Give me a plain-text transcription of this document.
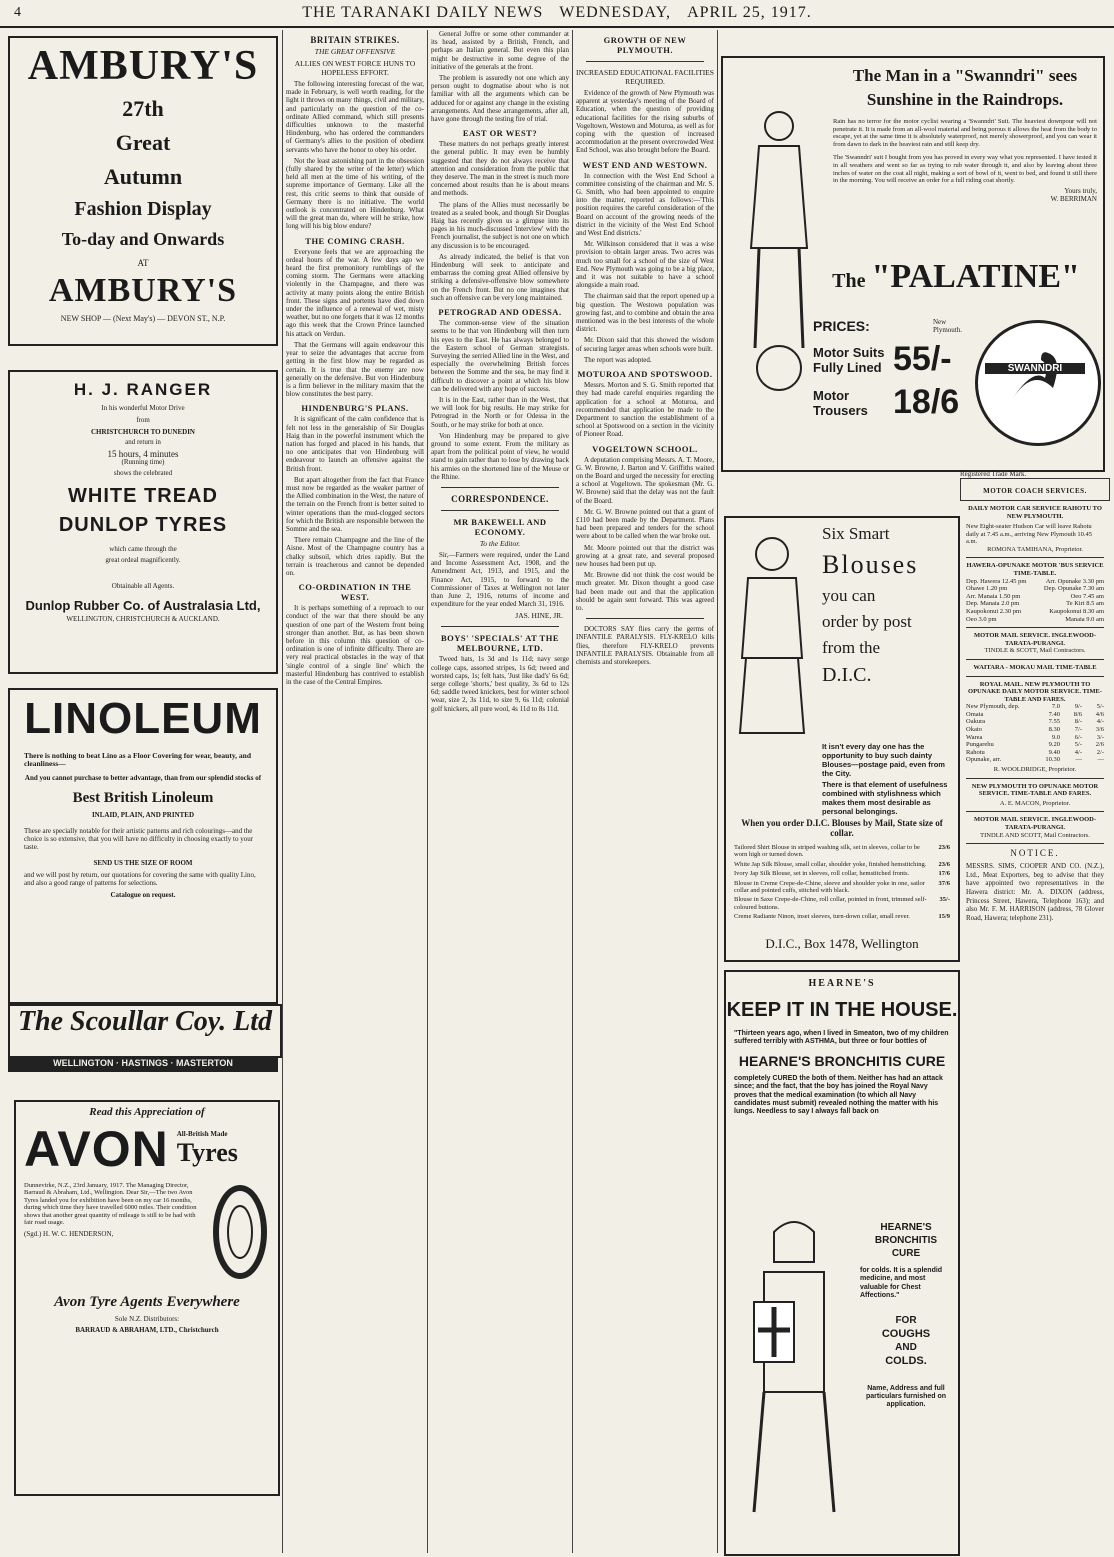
4	THE TARANAKI DAILY NEWS WEDNESDAY, APRIL 25, 1917.
AMBURY'S
27th
Great
Autumn
Fashion Display
To-day and Onwards
AT
AMBURY'S
NEW SHOP — (Next May's) — DEVON ST., N.P.
H. J. RANGER
In his wonderful Motor Drive
from
CHRISTCHURCH TO DUNEDIN
and return in
15 hours, 4 minutes
(Running time)
shows the celebrated
WHITE TREAD
DUNLOP TYRES
which came through the
great ordeal magnificently.
Obtainable all Agents.
Dunlop Rubber Co. of Australasia Ltd,
WELLINGTON, CHRISTCHURCH & AUCKLAND.
LINOLEUM
There is nothing to beat Lino as a Floor Covering for wear, beauty, and cleanliness—
And you cannot purchase to better advantage, than from our splendid stocks of
Best British Linoleum
INLAID, PLAIN, AND PRINTED
These are specially notable for their artistic patterns and rich colourings—and the choice is so extensive, that you will have no difficulty in choosing exactly to your taste.
SEND US THE SIZE OF ROOM
and we will post by return, our quotations for covering the same with quality Lino, and also a good range of patterns for selections.
Catalogue on request.
The Scoullar Coy. Ltd
WELLINGTON · HASTINGS · MASTERTON
Read this Appreciation of
AVON All-British Made
Tyres
Dunnevirke, N.Z., 23rd January, 1917. The Managing Director, Barraud & Abraham, Ltd., Wellington. Dear Sir,—The two Avon Tyres landed you for exhibition have been on my car 16 months, during which time they have travelled 6000 miles. Their condition shows that another great quantity of mileage is still to be had with fair road usage.
(Sgd.) H. W. C. HENDERSON,
Avon Tyre Agents Everywhere
Sole N.Z. Distributors:
BARRAUD & ABRAHAM, LTD., Christchurch
BRITAIN STRIKES.
THE GREAT OFFENSIVE
ALLIES ON WEST FORCE HUNS TO HOPELESS EFFORT.

The following interesting forecast of the war, made in February, is well worth reading, for the light it throws on many things, civil and military, and particularly on the question of the co-ordinate Allied command, which still presents difficulties unknown to the masterful Hindenburg, who has ordered the commanders of Germany's allies to the position of obedient servants who have the honor to obey his order.

Not the least astonishing part in the obsession (fully shared by the writer of the letter) which held all men at the time of his writing, of the supreme importance of Germany. Like all the rest, this critic seems to think that outside of Germany there is no initiative. The world outlook is concentrated on Hindenburg. What will the great man do, where will he strike, how long will his big blow endure?

THE COMING CRASH.

Everyone feels that we are approaching the ordeal hours of the war. A few days ago we heard the first premonitory rumblings of the coming storm. The Germans were attacking violently in the Champagne, and there was activity at many points along the entire British front. These signs and portents have died down under the influence of a renewal of wet, misty weather, but no one forgets that it was 12 months ago this week that the Crown Prince launched his attack on Verdun.

That the Germans will again endeavour this year to seize the advantages that accrue from getting in the first blow may be regarded as certain. It is true that the enemy are now generally on the defensive. But von Hindenburg is a firm believer in the military maxim that the blow constitutes the best parry.

HINDENBURG'S PLANS.

It is significant of the calm confidence that is felt not less in the generalship of Sir Douglas Haig than in the powerful instrument which the nation has forged and placed in his hands, that no one anticipates that von Hindenburg will endeavour to launch an offensive against the British front.

But apart altogether from the fact that France must now be regarded as the weaker partner of the Allied combination in the West, the nature of the terrain on the French front is better suited to winter operations than the mud-clogged sectors for which the British are responsible between the Somme and the sea.

There remain Champagne and the line of the Aisne. Most of the Champagne country has a chalky subsoil, which dries rapidly. But the terrain is treacherous and cannot be depended on.

CO-ORDINATION IN THE WEST.

It is perhaps something of a reproach to our conduct of the war that there should be any question of one part of the Western front being stronger than another. But, as has been shown before in this column this question of co-ordination is one of infinite difficulty. There are very real practical obstacles in the way of that 'single control of a single line' which the masterful Hindenburg has contrived to establish in the case of the Central Empires.

General Joffre or some other commander at its head, assisted by a British, French, and perhaps an Italian general. But even this plan might be destructive in some degree of the initiative of the generals at the front.

The problem is assuredly not one which any person ought to dogmatise about who is not familiar with all the arguments which can be adduced for or against any change in the existing arrangements. And these arrangements, after all, have gone through the testing fire of trial.

EAST OR WEST?

These matters do not perhaps greatly interest the general public. It may even be humbly suggested that they do not always receive that attention and consideration from the public that they deserve. The man in the street is much more concerned about results than he is about means and methods.

The plans of the Allies must necessarily be treated as a sealed book, and though Sir Douglas Haig has recently given us a glimpse into its pages in his much-discussed 'interview' with the French journalist, the subject is not one on which any discussion is to be encouraged.

As already indicated, the belief is that von Hindenburg will seek to anticipate and embarrass the coming great Allied offensive by striking a defensive-offensive blow somewhere on the French front. But no one imagines that such an offensive can be very long maintained.

PETROGRAD AND ODESSA.

The common-sense view of the situation seems to be that von Hindenburg will then turn his eyes to the East. He has always belonged to the Eastern school of German strategists. Surveying the serried Allied line in the West, and especially the overwhelming British forces between the Somme and the sea, he may find it difficult to discover a point at which his blow can be delivered with any hope of success.

It is in the East, rather than in the West, that we will look for big results. He may strike for Petrograd in the North or for Odessa in the South, or he may strike for both at once.

Von Hindenburg may be prepared to give ground to some extent. From the military as apart from the political point of view, he would stand to gain rather than to lose by drawing back his armies on the shortened line of the Meuse or the Rhine.

CORRESPONDENCE.
MR BAKEWELL AND ECONOMY.
To the Editor.

Sir,—Farmers were required, under the Land and Income Assessment Act, 1908, and the Amendment Act, 1913, and 1915, and the Finance Act, 1915, to forward to the Commissioner of Taxes at Wellington not later than June 2, 1916, returns of income and expenditure for the year ended March 31, 1916.

JAS. HINE, JR.
BOYS' 'SPECIALS' AT THE MELBOURNE, LTD.

Tweed hats, 1s 3d and 1s 11d; navy serge college caps, assorted stripes, 1s 6d; tweed and worsted caps, 1s; felt hats, 'Just like dad's' 6s 6d; serge college 'shorts,' best quality, 3s 6d to 12s 6d; saddle tweed knickers, best for winter school wear, size 2, 3s 11d, to size 9, 6s 11d; colonial golf knickers, all pure wool, 4s 11d to 8s 11d.

GROWTH OF NEW PLYMOUTH.
INCREASED EDUCATIONAL FACILITIES REQUIRED.

Evidence of the growth of New Plymouth was apparent at yesterday's meeting of the Board of Education, when the question of providing educational facilities for the rising suburbs of Vogeltown, Westown and Moturoa, as well as for coping with the question of increased accommodation at the present overcrowded West End School, was also brought before the Board.

WEST END AND WESTOWN.

In connection with the West End School a committee consisting of the chairman and Mr. S. G. Smith, who had been appointed to enquire into the matter, reported as follows:—'This position requires the careful consideration of the Board on account of the growing needs of the district in the vicinity of the West End School and West End districts.'

Mr. Wilkinson considered that it was a wise provision to obtain larger areas. Two acres was much too small for a school of the size of West End. New Plymouth was going to be a big place, and it was not suitable to have a school alongside a main road.

The chairman said that the report opened up a big question. The Westown population was growing fast, and to combine and obtain the area mentioned was in the best interests of the whole district.

Mr. Dixon said that this showed the wisdom of securing larger areas when schools were built.

The report was adopted.

MOTUROA AND SPOTSWOOD.

Messrs. Morton and S. G. Smith reported that they had made careful enquiries regarding the application for a school at Moturoa, and recommended that application be made to the Department to sanction the establishment of a school at Spotswood on a section in the vicinity of Pioneer Road.

VOGELTOWN SCHOOL.

A deputation comprising Messrs. A. T. Moore, G. W. Browne, J. Barton and V. Griffiths waited on the Board and urged the necessity for erecting a school at Vogeltown. The spokesman (Mr. G. W. Browne) said that the delay was not the fault of the Board.

Mr. G. W. Browne pointed out that a grant of £110 had been made by the Department. Plans had been prepared and tenders for the school were about to be called when the war broke out.

Mr. Moore pointed out that the district was growing at a great rate, and several proposed new houses had been put up.

Mr. Browne did not think the cost would be much greater. Mr. Dixon thought a good case had been made out and that the application should be again sent forward. This was agreed to.

DOCTORS SAY flies carry the germs of INFANTILE PARALYSIS. FLY-KRELO kills flies, therefore FLY-KRELO prevents INFANTILE PARALYSIS. Obtainable from all chemists and storekeepers.

The Man in a "Swanndri" sees
Sunshine in the Raindrops.
Rain has no terror for the motor cyclist wearing a 'Swanndri' Suit. The heaviest downpour will not penetrate it. It is made from an all-wool material and being porous it allows the heat from the body to escape, yet at the same time it is absolutely waterproof, not merely showerproof, and you can wear it from dawn to dark in the heaviest rain and still keep dry.
The 'Swanndri' suit I bought from you has proved in every way what you represented. I have tested it in all weathers and went so far as trying to rub water through it, and also by leaving about three inches of water on the coat all night, making a sort of bowl of it, went to bed, and found it still there in the morning. You will receive an order for a full riding coat shortly.
Yours truly,
W. BERRIMAN
The "PALATINE"
PRICES:	New Plymouth.
Motor Suits Fully Lined 55/-
Motor Trousers 18/6
SWANNDRI
Registered Trade Mark.
Six Smart
Blouses
you can
order by post
from the
D.I.C.
It isn't every day one has the opportunity to buy such dainty Blouses—postage paid, even from the City.
There is that element of usefulness combined with stylishness which makes them most desirable as personal belongings.
When you order D.I.C. Blouses by Mail, State size of collar.
Tailored Shirt Blouse in striped washing silk, set in sleeves, collar to be worn high or turned down.
23/6
White Jap Silk Blouse, small collar, shoulder yoke, finished hemstitching.	23/6
Ivory Jap Silk Blouse, set in sleeves, roll collar, hemstitched fronts.	17/6
Blouse in Creme Crepe-de-Chine, sleeve and shoulder yoke in one, sailor collar and pointed cuffs, stitched with black.
37/6
Blouse in Saxe Crepe-de-Chine, roll collar, pointed in front, trimmed self-coloured buttons.
35/-
Creme Radiante Ninon, inset sleeves, turn-down collar, small rever.	15/9
D.I.C., Box 1478, Wellington
HEARNE'S
KEEP IT IN THE HOUSE.
"Thirteen years ago, when I lived in Smeaton, two of my children suffered terribly with ASTHMA, but three or four bottles of
HEARNE'S BRONCHITIS CURE
completely CURED the both of them. Neither has had an attack since; and the fact, that the boy has joined the Royal Navy proves that the medical examination (to which all Navy candidates must submit) revealed nothing the matter with his lungs. Needless to say I always fall back on
HEARNE'S
BRONCHITIS
CURE
for colds. It is a splendid medicine, and most valuable for Chest Affections."
FOR
COUGHS
AND
COLDS.
Name, Address and full particulars furnished on application.
MOTOR COACH SERVICES.
DAILY MOTOR CAR SERVICE RAHOTU TO NEW PLYMOUTH.
New Eight-seater Hudson Car will leave Rahotu daily at 7.45 a.m., arriving New Plymouth 10.45 a.m.
ROMONA TAMIHANA, Proprietor.
HAWERA-OPUNAKE MOTOR 'BUS SERVICE TIME-TABLE.
Dep. Hawera 12.45 pm	Arr. Opunake 3.30 pm
Ohawe 1.20 pm	Dep. Opunake 7.30 am
Arr. Manaia 1.50 pm	Oeo 7.45 am
Dep. Manaia 2.0 pm	Te Kiri 8.5 am
Kaupokonui 2.30 pm	Kaupokonui 8.30 am
Oeo 3.0 pm	Manaia 9.0 am
MOTOR MAIL SERVICE. INGLEWOOD-TARATA-PURANGI.
TINDLE & SCOTT, Mail Contractors.
WAITARA - MOKAU MAIL TIME-TABLE
ROYAL MAIL. NEW PLYMOUTH TO OPUNAKE DAILY MOTOR SERVICE. TIME-TABLE AND FARES.
New Plymouth, dep.	7.0	9/-	5/-
Omata	7.40	8/6	4/6
Oakura	7.55	8/-	4/-
Okato	8.30	7/-	3/6
Warea	9.0	6/-	3/-
Pungarehu	9.20	5/-	2/6
Rahotu	9.40	4/-	2/-
Opunake, arr.	10.30	—	—
R. WOOLDRIDGE, Proprietor.
NEW PLYMOUTH TO OPUNAKE MOTOR SERVICE. TIME-TABLE AND FARES.
A. E. MACON, Proprietor.
MOTOR MAIL SERVICE. INGLEWOOD-TARATA-PURANGI.
TINDLE AND SCOTT, Mail Contractors.
NOTICE.
MESSRS. SIMS, COOPER AND CO. (N.Z.), Ltd., Meat Exporters, beg to advise that they have appointed two representatives in the Hawera district: Mr. A. DIXON (address, Princess Street, Hawera, Telephone 163); and also Mr. F. M. HARRISON (address, 78 Glover Road, Hawera; telephone 231).
